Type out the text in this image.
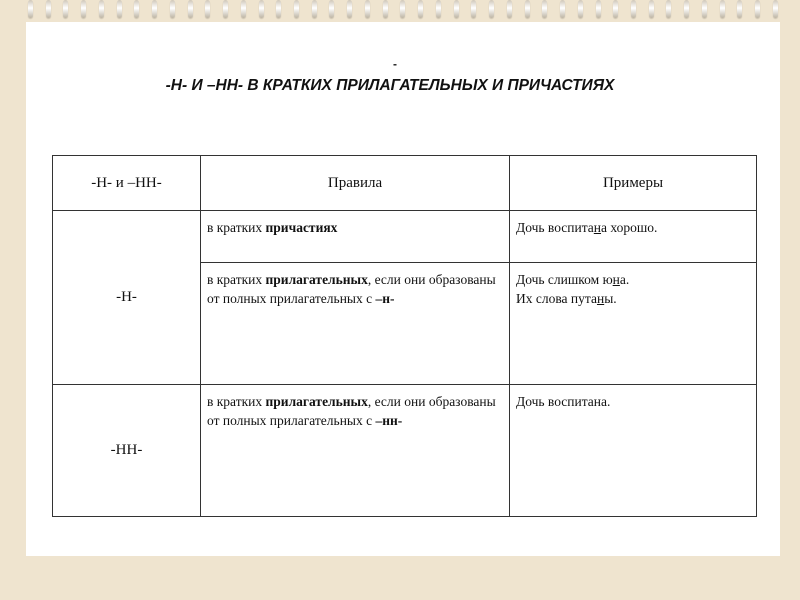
-
-Н- И –НН- В КРАТКИХ ПРИЛАГАТЕЛЬНЫХ И ПРИЧАСТИЯХ
-Н- и –НН-	Правила	Примеры
-Н-	в кратких причастиях	Дочь воспитана хорошо.

	в кратких прилагательных, если они образованы от полных прилагательных с –н-	Дочь слишком юна.
Их слова путаны.

-НН-	в кратких прилагательных, если они образованы от полных прилагательных с –нн-	Дочь воспитана.
